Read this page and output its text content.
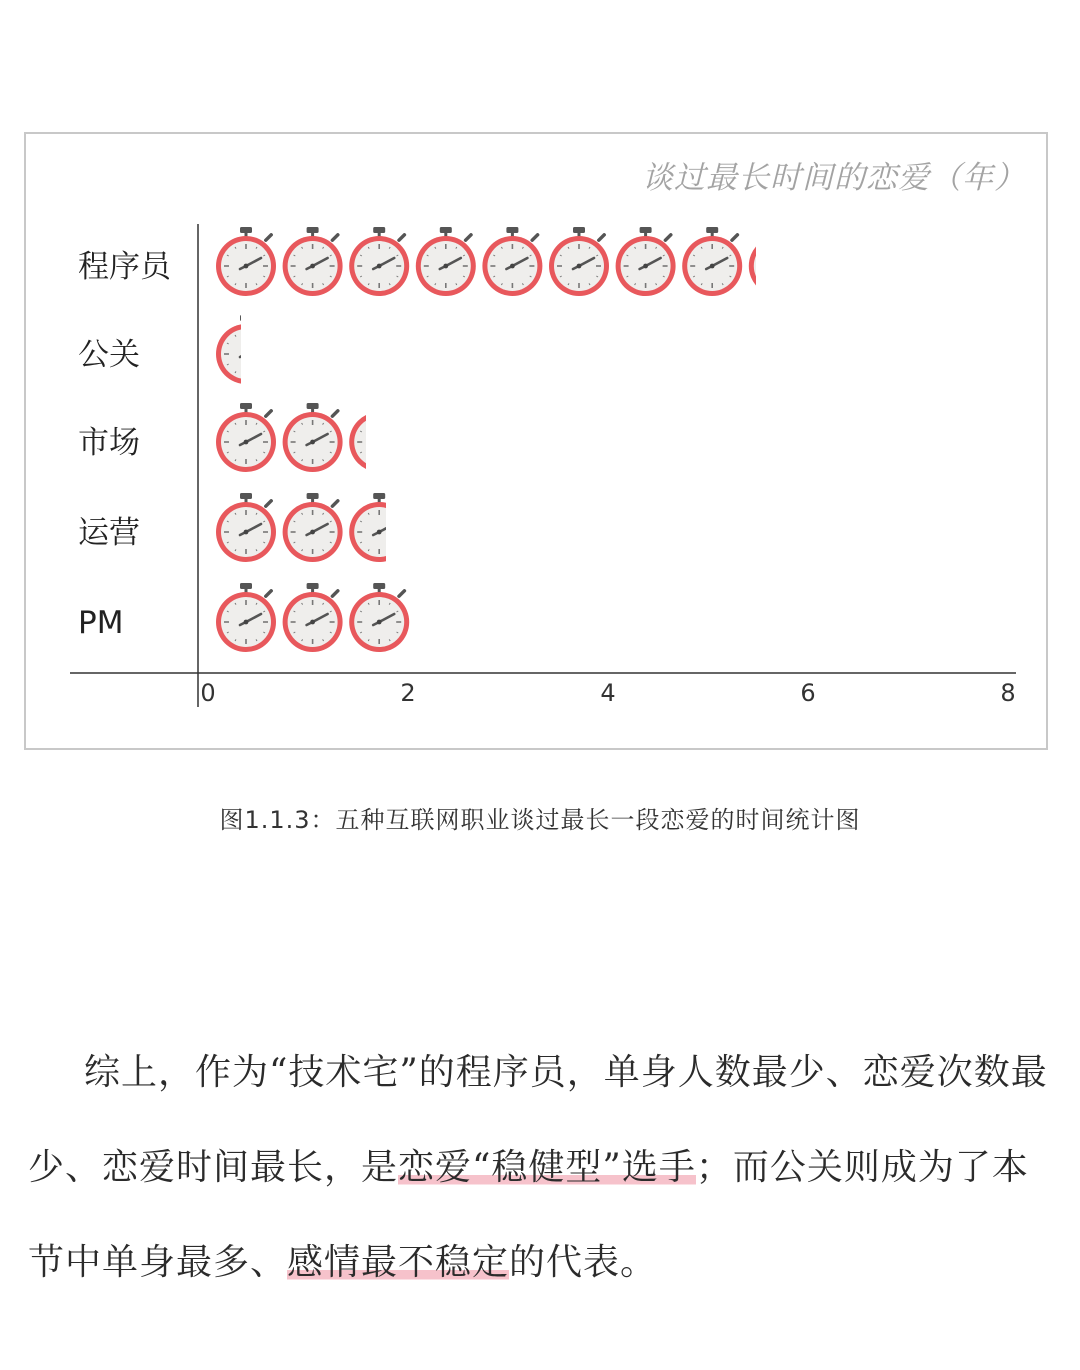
谈过最长时间的恋爱（年）
0	2	4	6	8
程序员
公关
市场
运营
PM
图1.1.3：五种互联网职业谈过最长一段恋爱的时间统计图

综上，作为“技术宅”的程序员，单身人数最少、恋爱次数最少、恋爱时间最长，是恋爱“稳健型”选手；而公关则成为了本节中单身最多、感情最不稳定的代表。
